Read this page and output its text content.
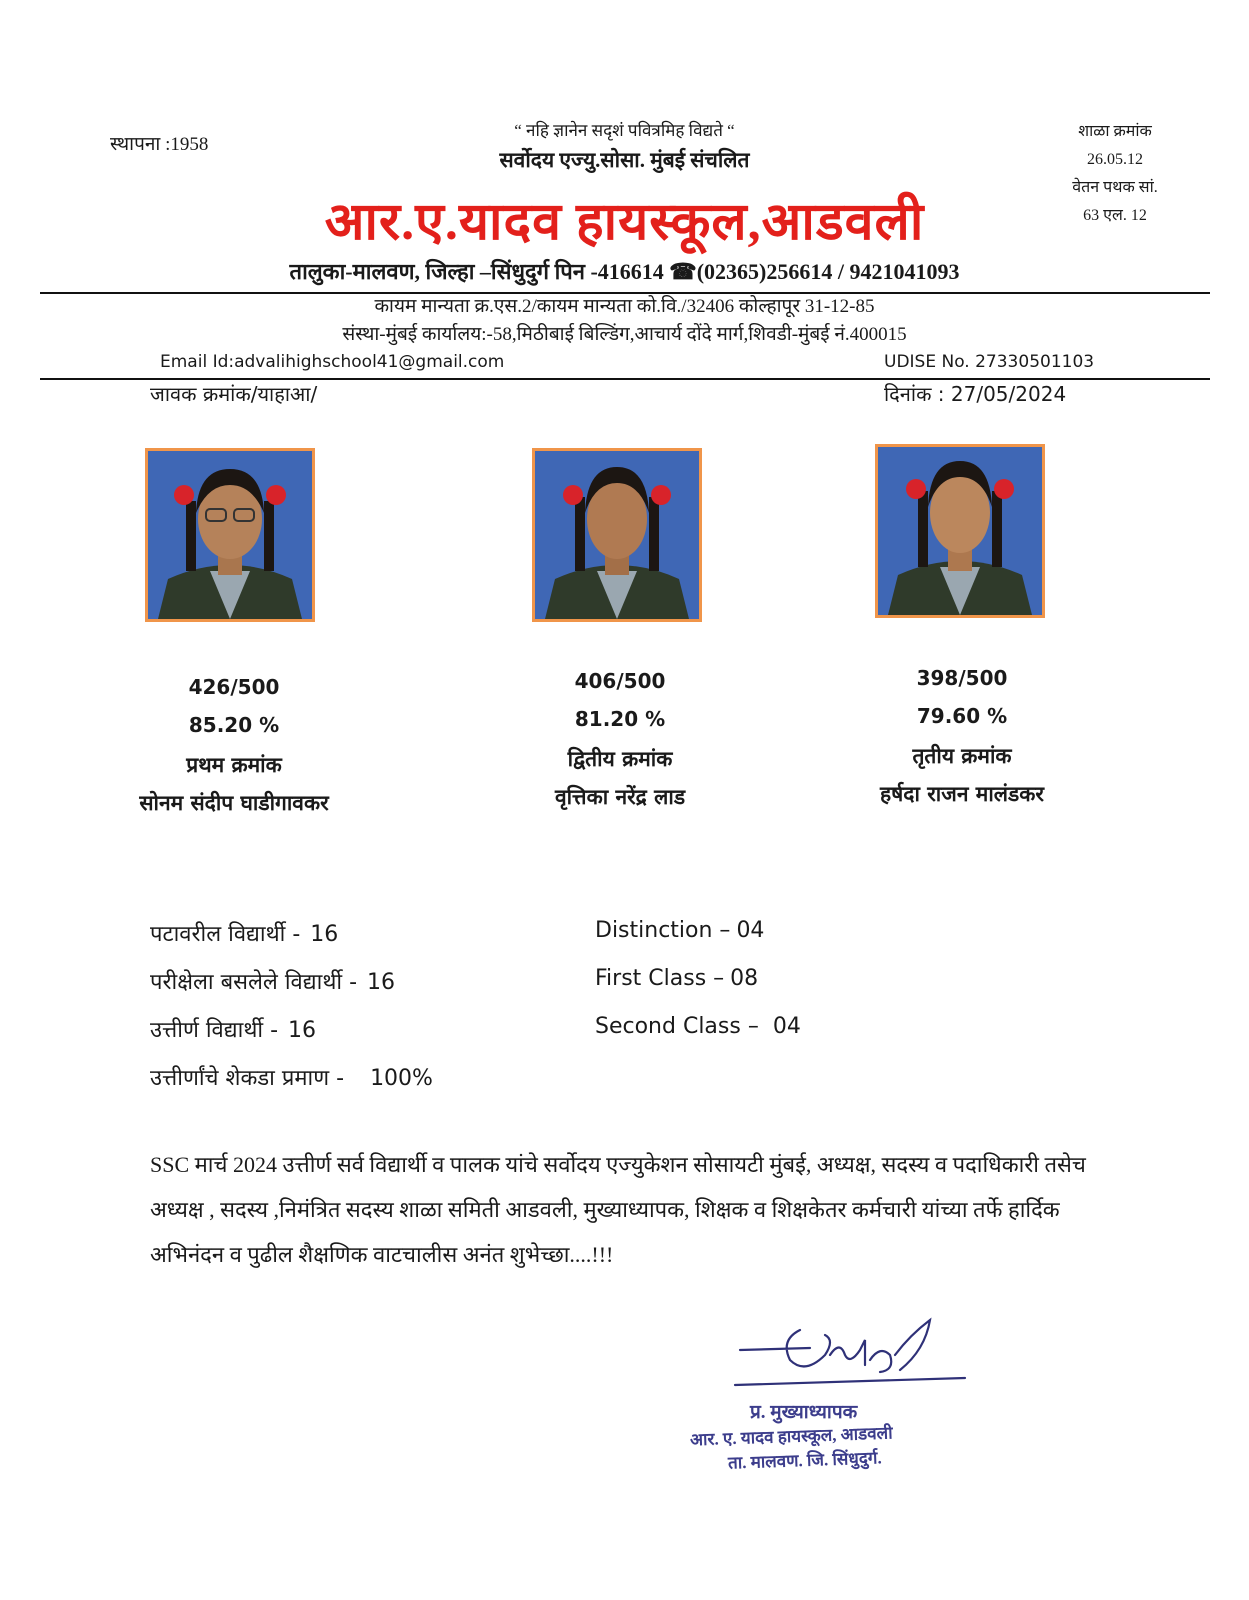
स्थापना :1958
“ नहि ज्ञानेन सदृशं पवित्रमिह विद्यते “
सर्वोदय एज्यु.सोसा. मुंबई संचलित
आर.ए.यादव हायस्कूल,आडवली
तालुका-मालवण, जिल्हा –सिंधुदुर्ग पिन -416614 ☎(02365)256614 / 9421041093
शाळा क्रमांक
26.05.12
वेतन पथक सां.
63 एल. 12
कायम मान्यता क्र.एस.2/कायम मान्यता को.वि./32406 कोल्हापूर 31-12-85
संस्था-मुंबई कार्यालय:-58,मिठीबाई बिल्डिंग,आचार्य दोंदे मार्ग,शिवडी-मुंबई नं.400015
Email Id:advalihighschool41@gmail.com	UDISE No. 27330501103
जावक क्रमांक/याहाआ/	दिनांक : 27/05/2024
426/500
85.20 %
प्रथम क्रमांक
सोनम संदीप घाडीगावकर
406/500
81.20 %
द्वितीय क्रमांक
वृत्तिका नरेंद्र लाड
398/500
79.60 %
तृतीय क्रमांक
हर्षदा राजन मालंडकर
पटावरील विद्यार्थी - 16
परीक्षेला बसलेले विद्यार्थी - 16
उत्तीर्ण विद्यार्थी - 16
उत्तीर्णांचे शेकडा प्रमाण - 100%
Distinction – 04
First Class – 08
Second Class – 04
SSC मार्च 2024 उत्तीर्ण सर्व विद्यार्थी व पालक यांचे सर्वोदय एज्युकेशन सोसायटी मुंबई, अध्यक्ष, सदस्य व पदाधिकारी तसेच अध्यक्ष , सदस्य ,निमंत्रित सदस्य शाळा समिती आडवली, मुख्याध्यापक, शिक्षक व शिक्षकेतर कर्मचारी यांच्या तर्फे हार्दिक अभिनंदन व पुढील शैक्षणिक वाटचालीस अनंत शुभेच्छा....!!!
प्र. मुख्याध्यापक
आर. ए. यादव हायस्कूल, आडवली
ता. मालवण. जि. सिंधुदुर्ग.
